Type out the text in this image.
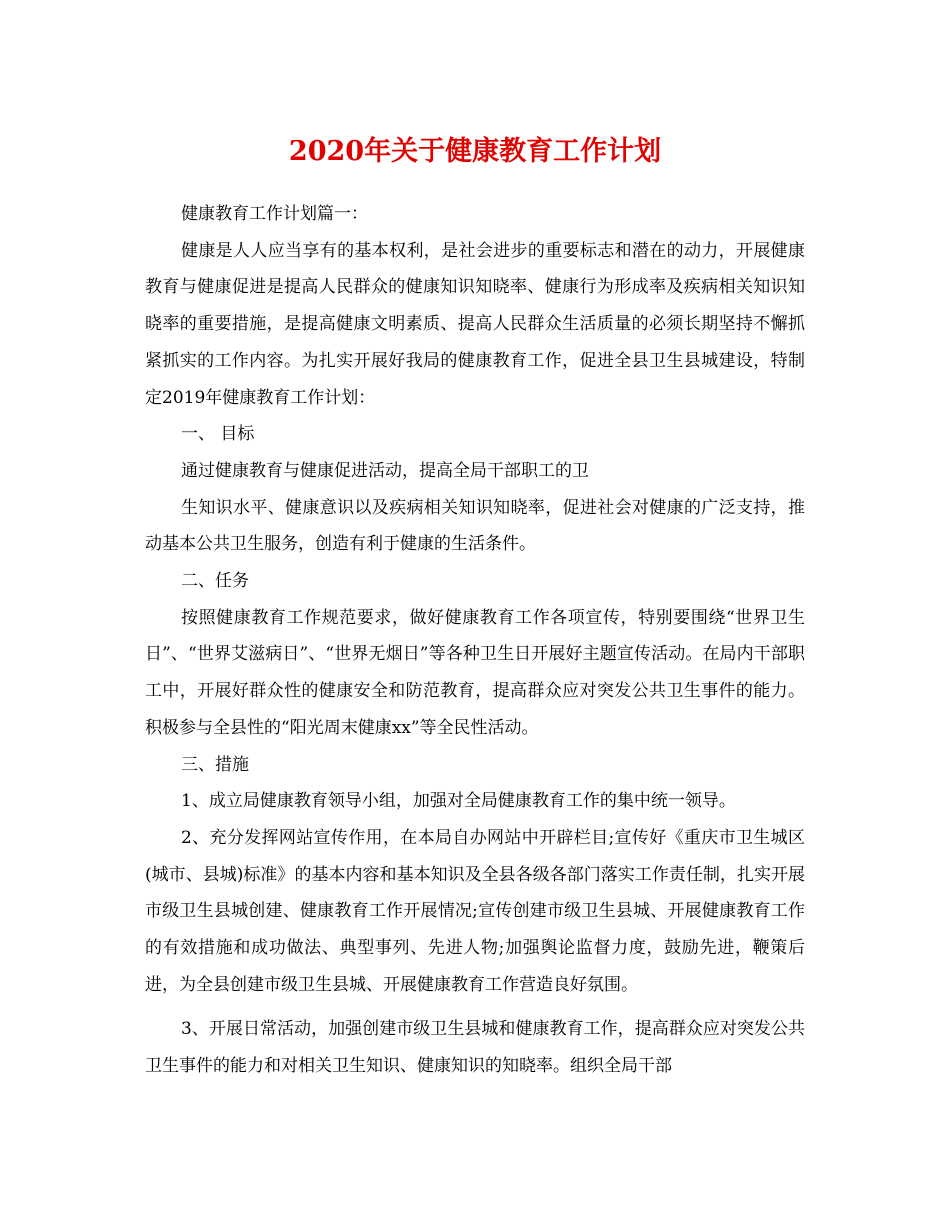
2020年关于健康教育工作计划

健康教育工作计划篇一：

健康是人人应当享有的基本权利，是社会进步的重要标志和潜在的动力，开展健康教育与健康促进是提高人民群众的健康知识知晓率、健康行为形成率及疾病相关知识知晓率的重要措施，是提高健康文明素质、提高人民群众生活质量的必须长期坚持不懈抓紧抓实的工作内容。为扎实开展好我局的健康教育工作，促进全县卫生县城建设，特制定2019年健康教育工作计划：

一、 目标

通过健康教育与健康促进活动，提高全局干部职工的卫

生知识水平、健康意识以及疾病相关知识知晓率，促进社会对健康的广泛支持，推动基本公共卫生服务，创造有利于健康的生活条件。

二、任务

按照健康教育工作规范要求，做好健康教育工作各项宣传，特别要围绕“世界卫生日”、“世界艾滋病日”、“世界无烟日”等各种卫生日开展好主题宣传活动。在局内干部职工中，开展好群众性的健康安全和防范教育，提高群众应对突发公共卫生事件的能力。积极参与全县性的“阳光周末健康xx”等全民性活动。

三、措施

1、成立局健康教育领导小组，加强对全局健康教育工作的集中统一领导。

2、充分发挥网站宣传作用，在本局自办网站中开辟栏目;宣传好《重庆市卫生城区(城市、县城)标准》的基本内容和基本知识及全县各级各部门落实工作责任制，扎实开展市级卫生县城创建、健康教育工作开展情况;宣传创建市级卫生县城、开展健康教育工作的有效措施和成功做法、典型事列、先进人物;加强舆论监督力度，鼓励先进，鞭策后进，为全县创建市级卫生县城、开展健康教育工作营造良好氛围。

3、开展日常活动，加强创建市级卫生县城和健康教育工作，提高群众应对突发公共卫生事件的能力和对相关卫生知识、健康知识的知晓率。组织全局干部
